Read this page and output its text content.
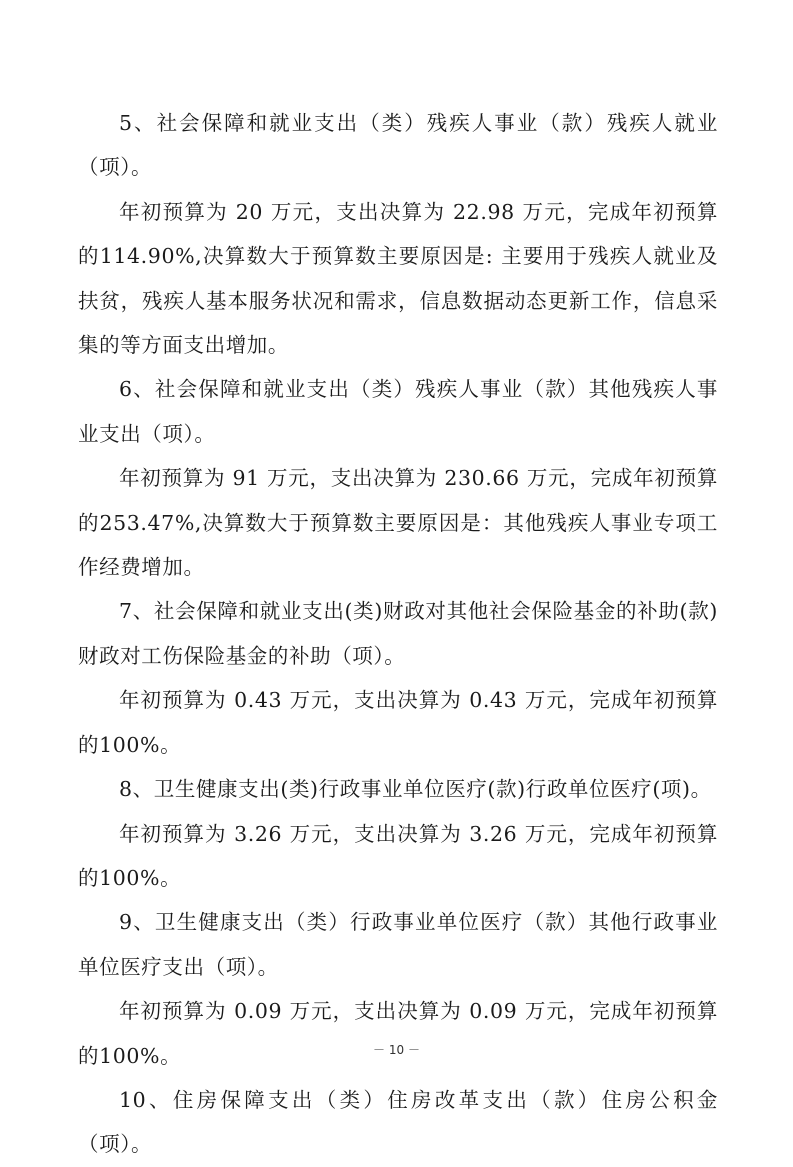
5、社会保障和就业支出（类）残疾人事业（款）残疾人就业（项）。

年初预算为 20 万元，支出决算为 22.98 万元，完成年初预算的114.90%,决算数大于预算数主要原因是: 主要用于残疾人就业及扶贫，残疾人基本服务状况和需求，信息数据动态更新工作，信息采集的等方面支出增加。

6、社会保障和就业支出（类）残疾人事业（款）其他残疾人事业支出（项）。

年初预算为 91 万元，支出决算为 230.66 万元，完成年初预算的253.47%,决算数大于预算数主要原因是：其他残疾人事业专项工作经费增加。

7、社会保障和就业支出(类)财政对其他社会保险基金的补助(款)财政对工伤保险基金的补助（项）。

年初预算为 0.43 万元，支出决算为 0.43 万元，完成年初预算的100%。

8、卫生健康支出(类)行政事业单位医疗(款)行政单位医疗(项)。

年初预算为 3.26 万元，支出决算为 3.26 万元，完成年初预算的100%。

9、卫生健康支出（类）行政事业单位医疗（款）其他行政事业单位医疗支出（项）。

年初预算为 0.09 万元，支出决算为 0.09 万元，完成年初预算的100%。

10、住房保障支出（类）住房改革支出（款）住房公积金（项）。

－ 10 －
